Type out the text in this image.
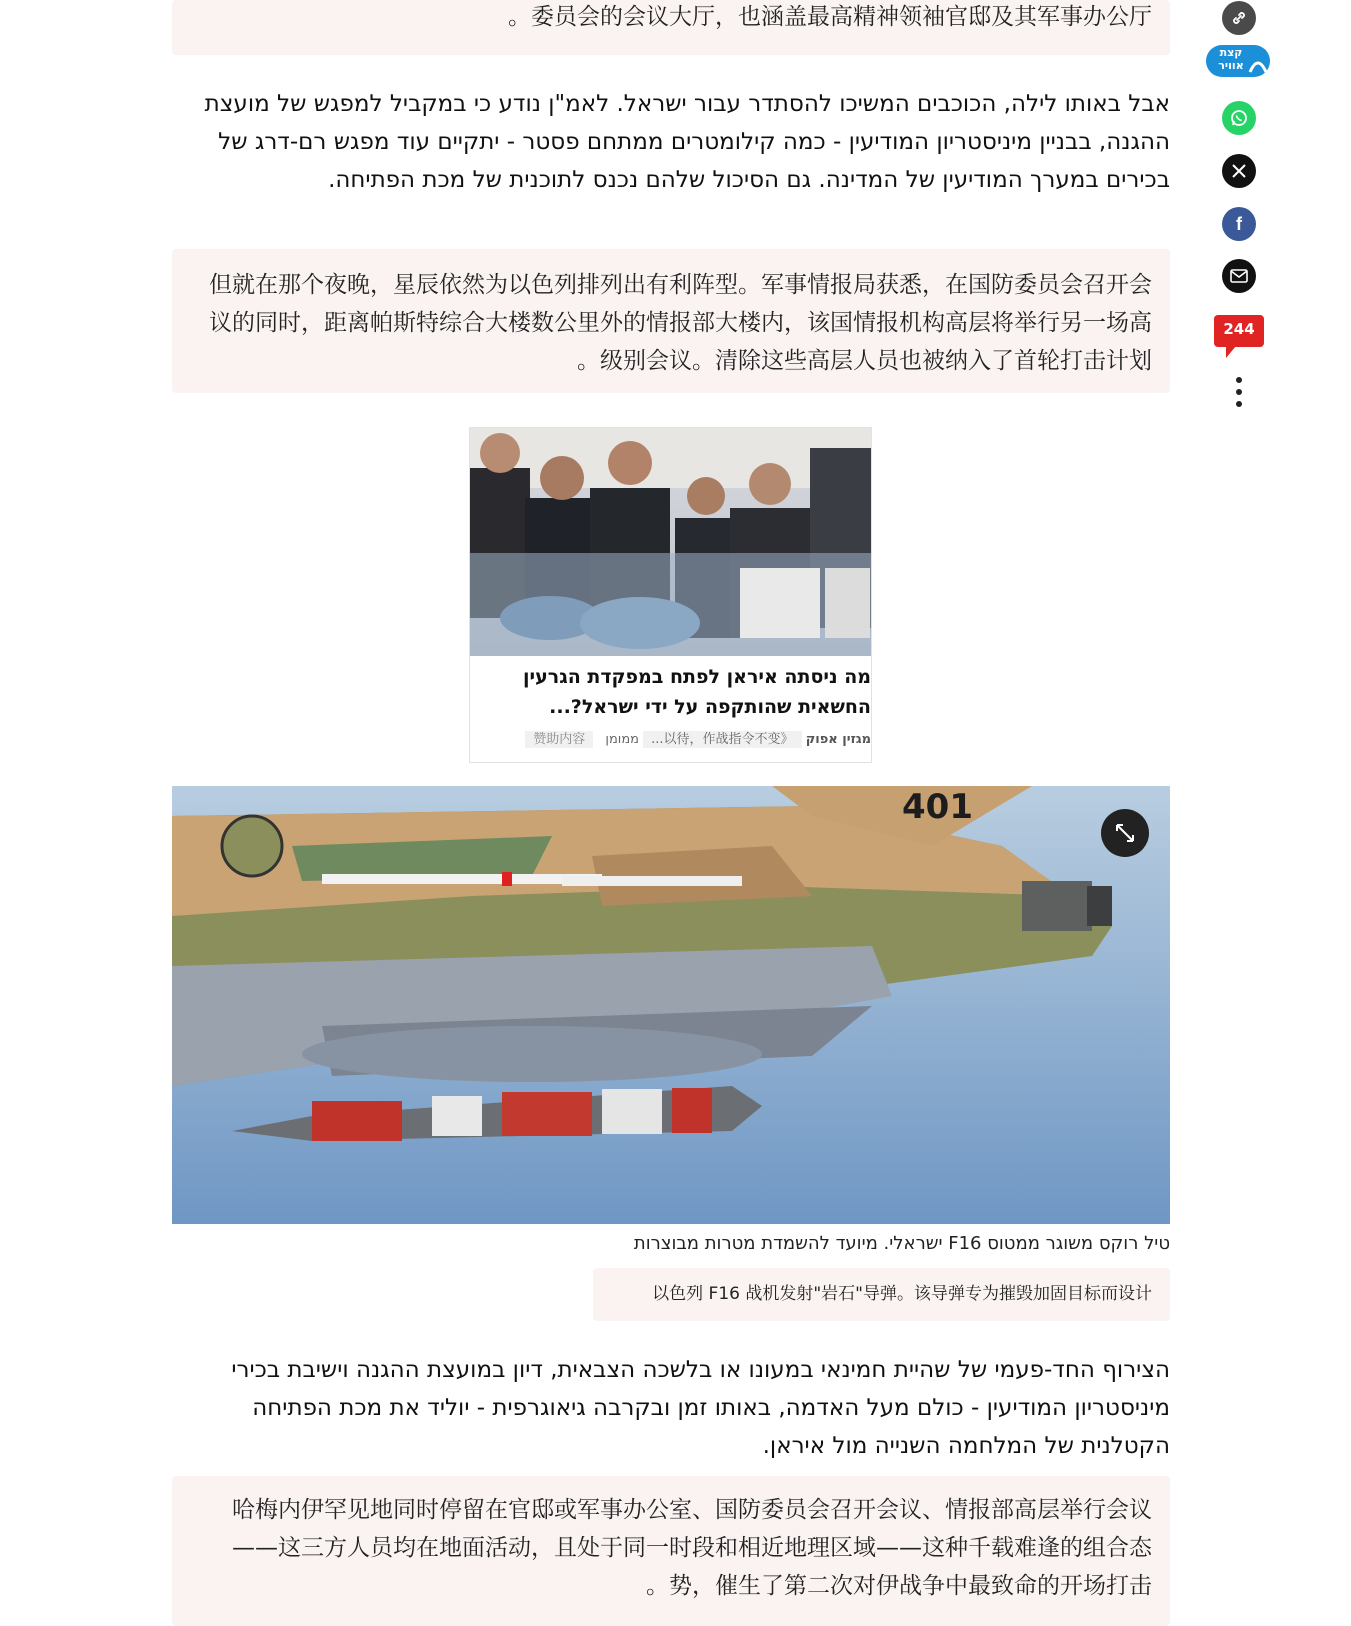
委员会的会议大厅，也涵盖最高精神领袖官邸及其军事办公厅。
אבל באותו לילה, הכוכבים המשיכו להסתדר עבור ישראל. לאמ"ן נודע כי במקביל למפגש של מועצת ההגנה, בבניין מיניסטריון המודיעין - כמה קילומטרים ממתחם פסטר - יתקיים עוד מפגש רם-דרג של בכירים במערך המודיעין של המדינה. גם הסיכול שלהם נכנס לתוכנית של מכת הפתיחה.
但就在那个夜晚，星辰依然为以色列排列出有利阵型。军事情报局获悉，在国防委员会召开会议的同时，距离帕斯特综合大楼数公里外的情报部大楼内，该国情报机构高层将举行另一场高级别会议。清除这些高层人员也被纳入了首轮打击计划。
מה ניסתה איראן לפתח במפקדת הגרעין החשאית שהותקפה על ידי ישראל?...
מגזין אפוק 《以待，作战指令不变... ממומן 赞助内容
401
טיל רוקס משוגר ממטוס F16 ישראלי. מיועד להשמדת מטרות מבוצרות
以色列 F16 战机发射"岩石"导弹。该导弹专为摧毁加固目标而设计
הצירוף החד-פעמי של שהיית חמינאי במעונו או בלשכה הצבאית, דיון במועצת ההגנה וישיבת בכירי מיניסטריון המודיעין - כולם מעל האדמה, באותו זמן ובקרבה גיאוגרפית - יוליד את מכת הפתיחה הקטלנית של המלחמה השנייה מול איראן.
哈梅内伊罕见地同时停留在官邸或军事办公室、国防委员会召开会议、情报部高层举行会议——这三方人员均在地面活动，且处于同一时段和相近地理区域——这种千载难逢的组合态势，催生了第二次对伊战争中最致命的开场打击。
קצת
אוויר
f
244
